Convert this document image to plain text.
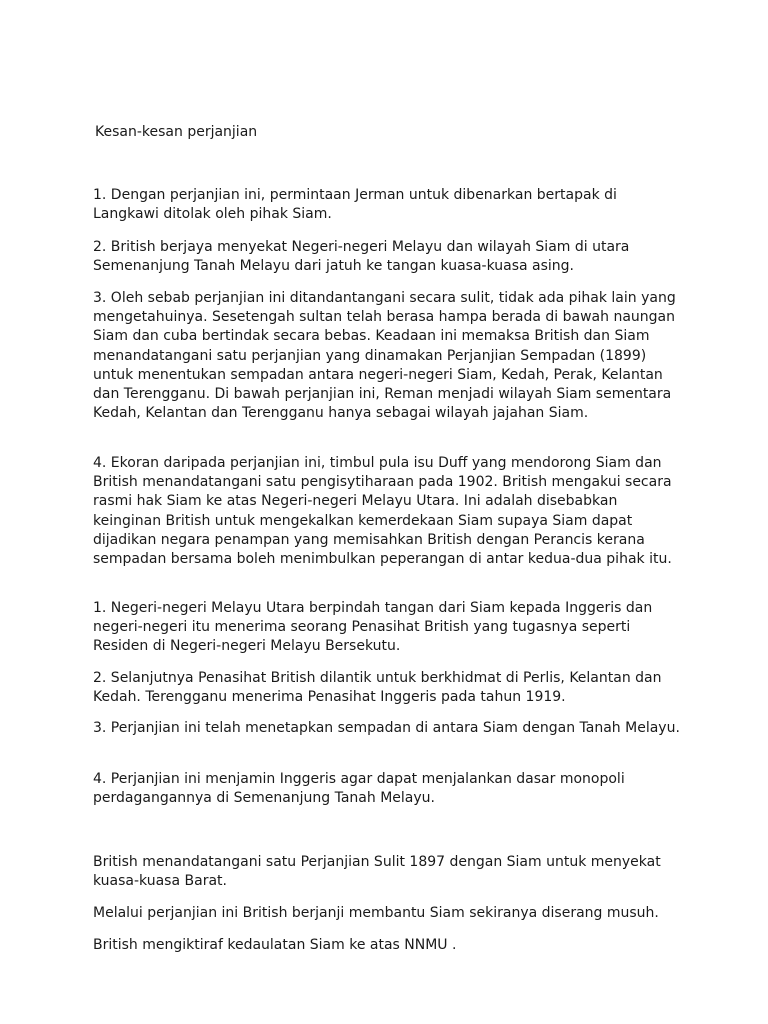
Kesan-kesan perjanjian

1. Dengan perjanjian ini, permintaan Jerman untuk dibenarkan bertapak di Langkawi ditolak oleh pihak Siam.

2. British berjaya menyekat Negeri-negeri Melayu dan wilayah Siam di utara Semenanjung Tanah Melayu dari jatuh ke tangan kuasa-kuasa asing.

3. Oleh sebab perjanjian ini ditandantangani secara sulit, tidak ada pihak lain yang mengetahuinya. Sesetengah sultan telah berasa hampa berada di bawah naungan Siam dan cuba bertindak secara bebas. Keadaan ini memaksa British dan Siam menandatangani satu perjanjian yang dinamakan Perjanjian Sempadan (1899) untuk menentukan sempadan antara negeri-negeri Siam, Kedah, Perak, Kelantan dan Terengganu. Di bawah perjanjian ini, Reman menjadi wilayah Siam sementara Kedah, Kelantan dan Terengganu hanya sebagai wilayah jajahan Siam.

4. Ekoran daripada perjanjian ini, timbul pula isu Duff yang mendorong Siam dan British menandatangani satu pengisytiharaan pada 1902. British mengakui secara rasmi hak Siam ke atas Negeri-negeri Melayu Utara. Ini adalah disebabkan keinginan British untuk mengekalkan kemerdekaan Siam supaya Siam dapat dijadikan negara penampan yang memisahkan British dengan Perancis kerana sempadan bersama boleh menimbulkan peperangan di antar kedua-dua pihak itu.

1. Negeri-negeri Melayu Utara berpindah tangan dari Siam kepada Inggeris dan negeri-negeri itu menerima seorang Penasihat British yang tugasnya seperti Residen di Negeri-negeri Melayu Bersekutu.

2. Selanjutnya Penasihat British dilantik untuk berkhidmat di Perlis, Kelantan dan Kedah. Terengganu menerima Penasihat Inggeris pada tahun 1919.

3. Perjanjian ini telah menetapkan sempadan di antara Siam dengan Tanah Melayu.

4. Perjanjian ini menjamin Inggeris agar dapat menjalankan dasar monopoli perdagangannya di Semenanjung Tanah Melayu.

British menandatangani satu Perjanjian Sulit 1897 dengan Siam untuk menyekat kuasa-kuasa Barat.

Melalui perjanjian ini British berjanji membantu Siam sekiranya diserang musuh.

British mengiktiraf kedaulatan Siam ke atas NNMU .
